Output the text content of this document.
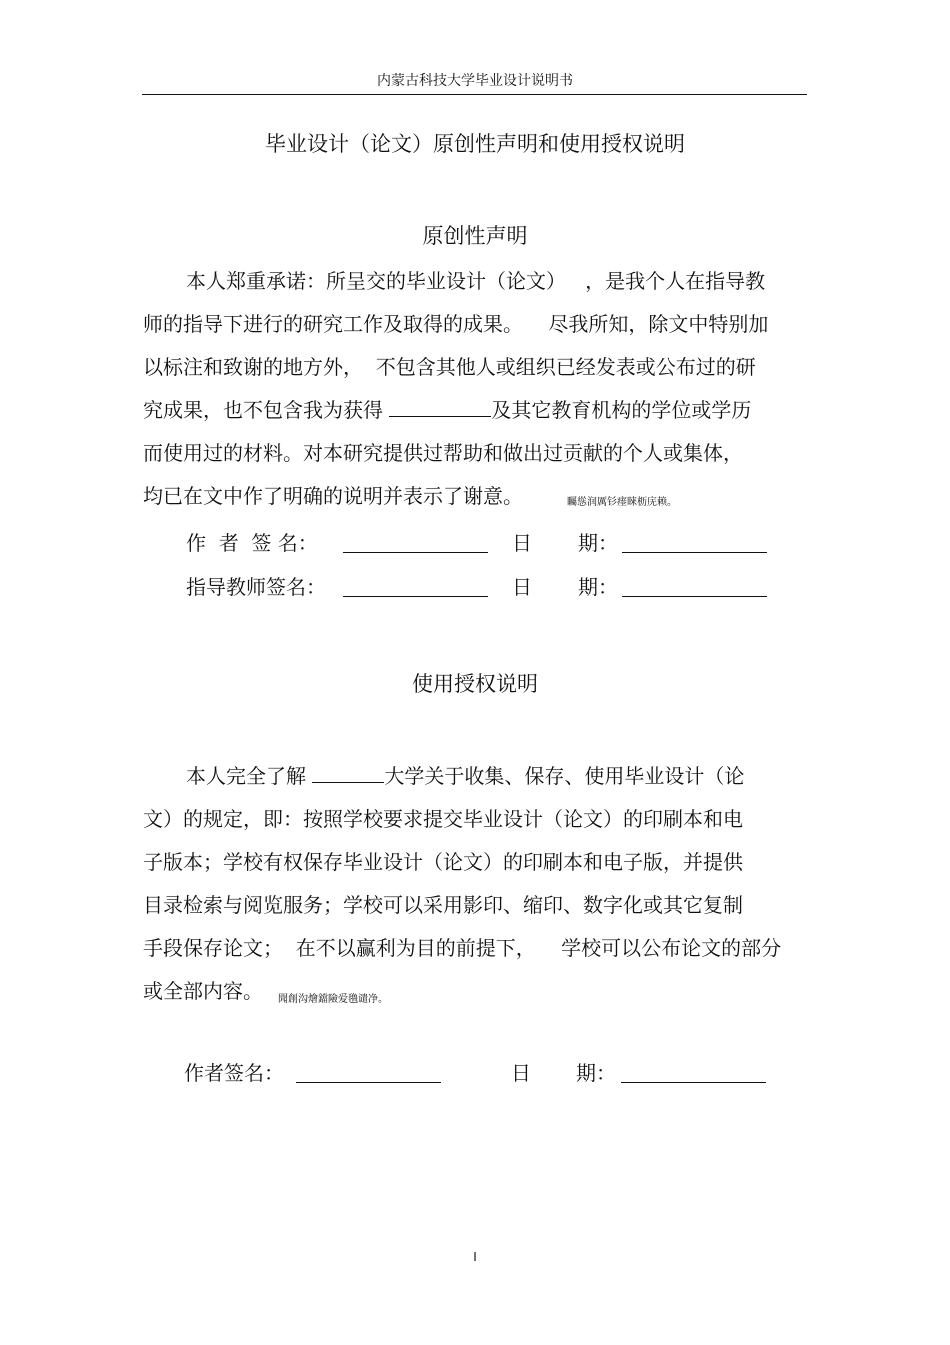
内蒙古科技大学毕业设计说明书
毕业设计（论文）原创性声明和使用授权说明
原创性声明
本人郑重承诺：所呈交的毕业设计（论文）   ，是我个人在指导教
师的指导下进行的研究工作及取得的成果。    尽我所知，除文中特别加
以标注和致谢的地方外，  不包含其他人或组织已经发表或公布过的研
究成果，也不包含我为获得	及其它教育机构的学位或学历
而使用过的材料。对本研究提供过帮助和做出过贡献的个人或集体，
均已在文中作了明确的说明并表示了谢意。	矚慫润厲钐瘗睞枥庑赖。
作  者  签 名：	日 期：
指导教师签名：	日 期：
使用授权说明
本人完全了解	大学关于收集、保存、使用毕业设计（论
文）的规定，即：按照学校要求提交毕业设计（论文）的印刷本和电
子版本；学校有权保存毕业设计（论文）的印刷本和电子版，并提供
目录检索与阅览服务；学校可以采用影印、缩印、数字化或其它复制
手段保存论文；  在不以赢利为目的前提下，    学校可以公布论文的部分
或全部内容。 聞創沟燴鐺險爱氇谴净。
作者签名：	日 期：
I
